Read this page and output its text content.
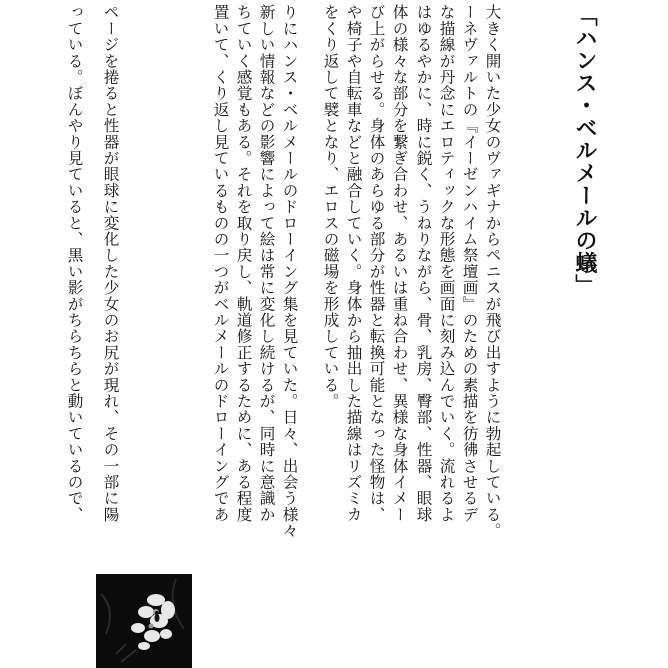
「ハンス・ベルメールの蟻」
大きく開いた少女のヴァギナからペニスが飛び出すように勃起している。
ーネヴァルトの『イーゼンハイム祭壇画』のための素描を彷彿させるデ
な描線が丹念にエロティックな形態を画面に刻み込んでいく。流れるよ
はゆるやかに、時に鋭く、うねりながら、骨、乳房、臀部、性器、眼球
体の様々な部分を繋ぎ合わせ、あるいは重ね合わせ、異様な身体イメー
び上がらせる。身体のあらゆる部分が性器と転換可能となった怪物は、
や椅子や自転車などと融合していく。身体から抽出した描線はリズミカ
をくり返して襞となり、エロスの磁場を形成している。
りにハンス・ベルメールのドローイング集を見ていた。日々、出会う様々
新しい情報などの影響によって絵は常に変化し続けるが、同時に意識か
ちていく感覚もある。それを取り戻し、軌道修正するために、ある程度
置いて、くり返し見ているものの一つがベルメールのドローイングであ
ページを捲ると性器が眼球に変化した少女のお尻が現れ、その一部に陽
っている。ぼんやり見ていると、黒い影がちらちらと動いているので、
